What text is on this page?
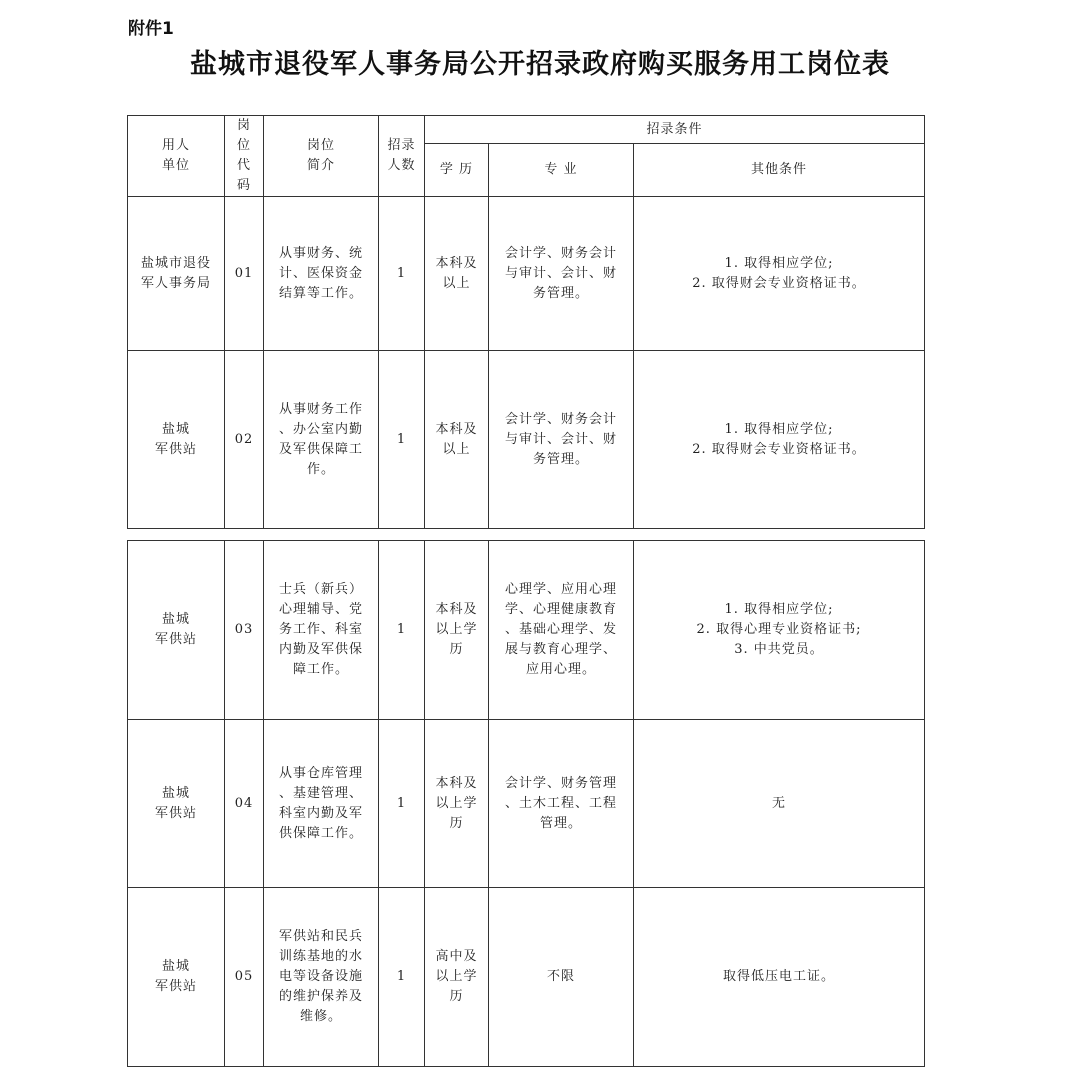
附件1
盐城市退役军人事务局公开招录政府购买服务用工岗位表
用人
单位	岗
位
代
码	岗位
简介	招录
人数	招录条件		
				学 历	专 业	其他条件
盐城市退役
军人事务局	01	从事财务、统
计、医保资金
结算等工作。	1	本科及
以上	会计学、财务会计
与审计、会计、财
务管理。	1. 取得相应学位;
2. 取得财会专业资格证书。
盐城
军供站	02	从事财务工作
、办公室内勤
及军供保障工
作。	1	本科及
以上	会计学、财务会计
与审计、会计、财
务管理。	1. 取得相应学位;
2. 取得财会专业资格证书。
盐城
军供站	03	士兵（新兵）
心理辅导、党
务工作、科室
内勤及军供保
障工作。	1	本科及
以上学
历	心理学、应用心理
学、心理健康教育
、基础心理学、发
展与教育心理学、
应用心理。	1. 取得相应学位;
2. 取得心理专业资格证书;
3. 中共党员。
盐城
军供站	04	从事仓库管理
、基建管理、
科室内勤及军
供保障工作。	1	本科及
以上学
历	会计学、财务管理
、土木工程、工程
管理。	无
盐城
军供站	05	军供站和民兵
训练基地的水
电等设备设施
的维护保养及
维修。	1	高中及
以上学
历	不限	取得低压电工证。
